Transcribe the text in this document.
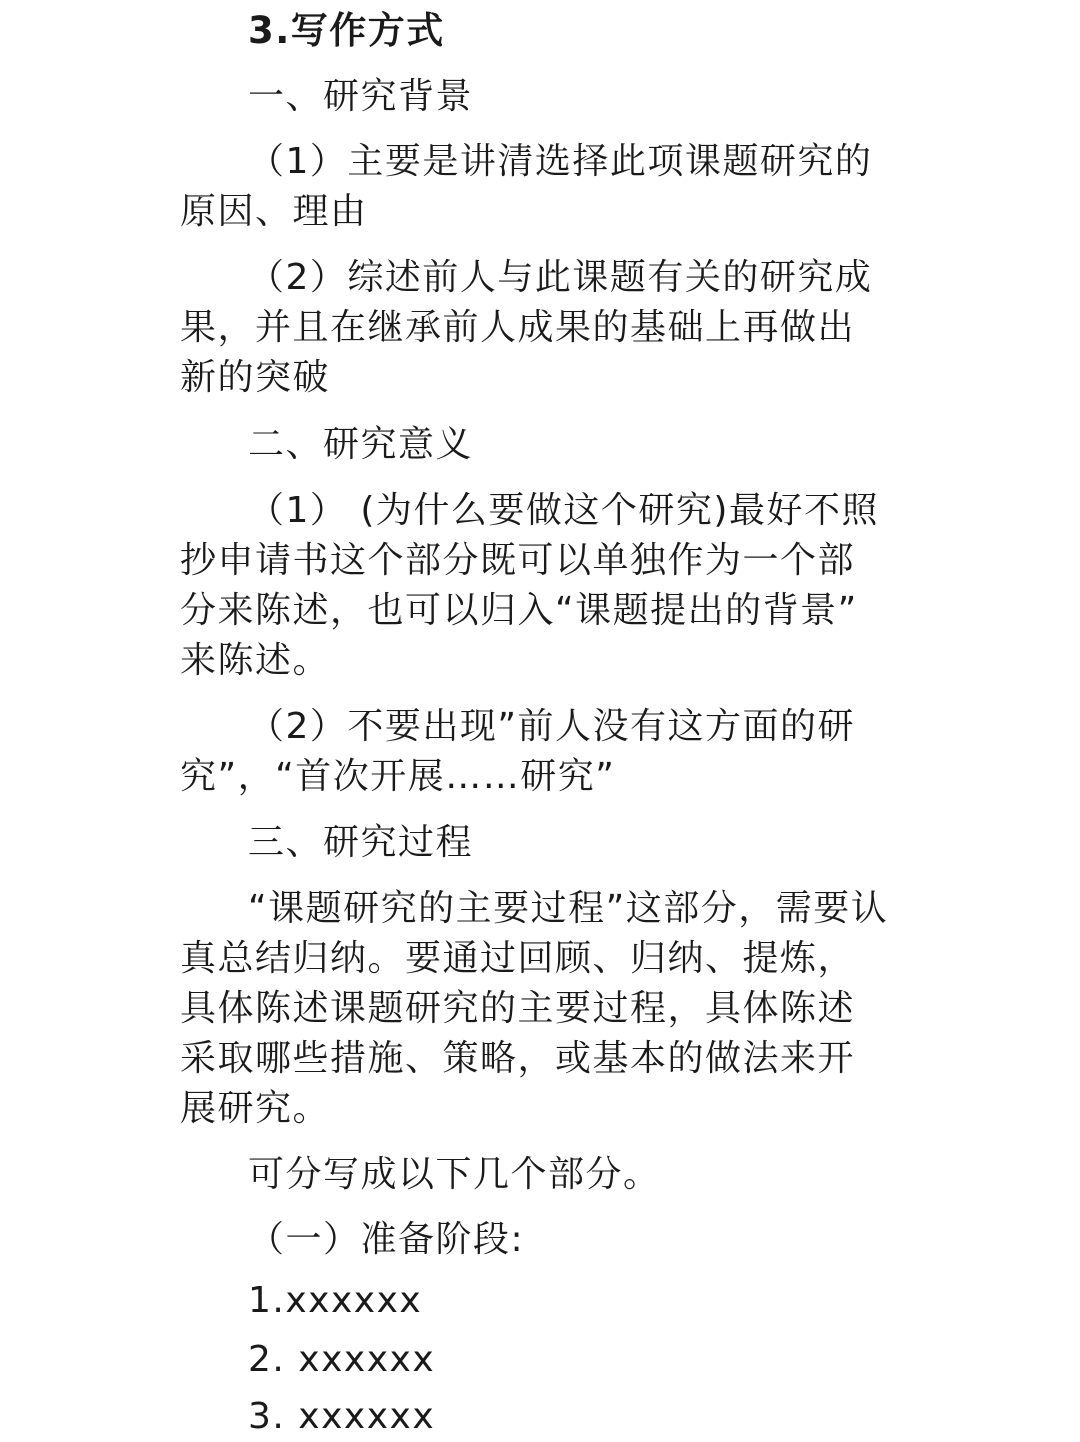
3.写作方式
一、研究背景
（1）主要是讲清选择此项课题研究的
原因、理由
（2）综述前人与此课题有关的研究成
果，并且在继承前人成果的基础上再做出
新的突破
二、研究意义
（1） (为什么要做这个研究)最好不照
抄申请书这个部分既可以单独作为一个部
分来陈述，也可以归入“课题提出的背景”
来陈述。
（2）不要出现”前人没有这方面的研
究”，“首次开展……研究”
三、研究过程
“课题研究的主要过程”这部分，需要认
真总结归纳。要通过回顾、归纳、提炼，
具体陈述课题研究的主要过程，具体陈述
采取哪些措施、策略，或基本的做法来开
展研究。
可分写成以下几个部分。
（一）准备阶段:
1.xxxxxx
2. xxxxxx
3. xxxxxx
